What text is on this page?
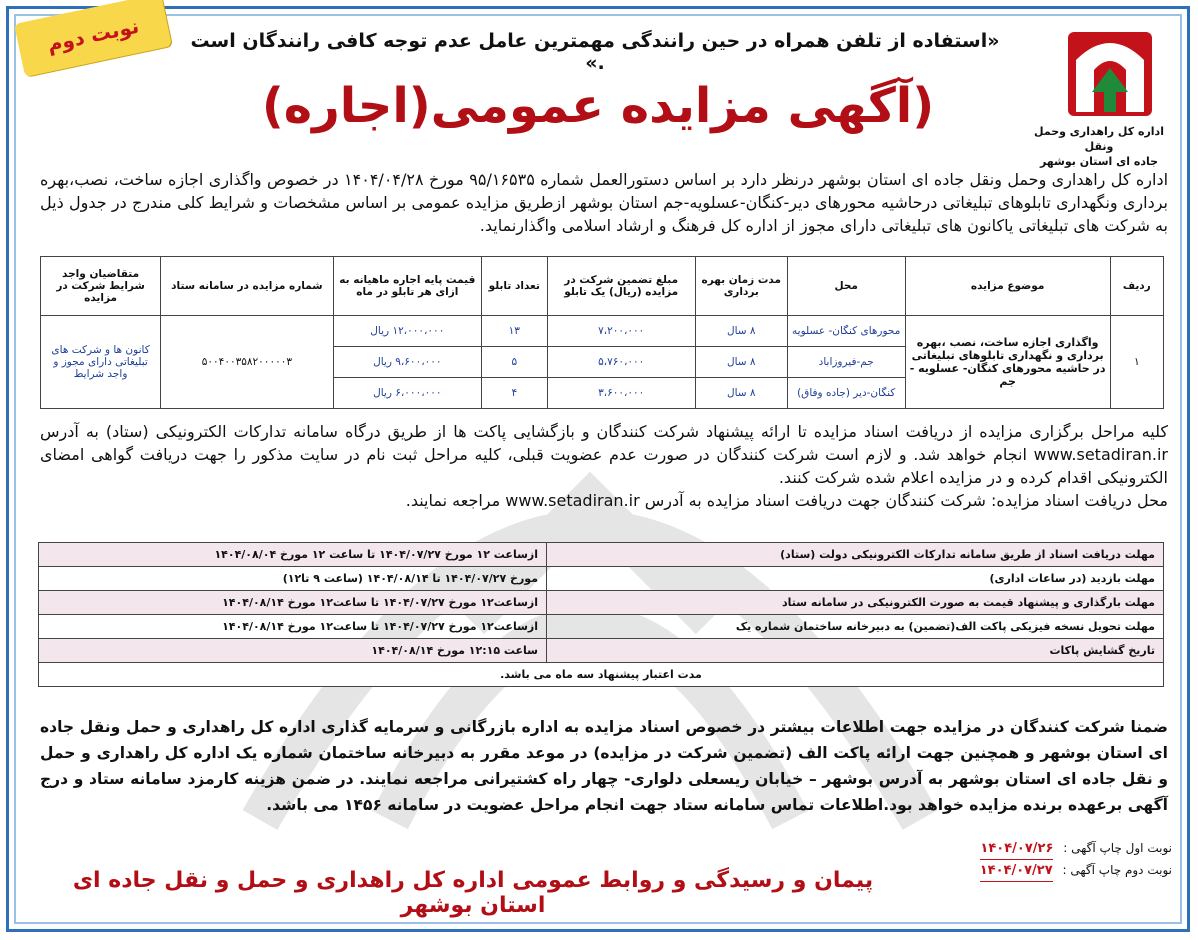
نوبت دوم
اداره کل راهداری وحمل ونقل
جاده ای استان بوشهر
«استفاده از تلفن همراه در حین رانندگی مهمترین عامل عدم توجه کافی رانندگان است .»
(آگهی مزایده عمومی(اجاره)
اداره کل راهداری وحمل ونقل جاده ای استان بوشهر درنظر دارد بر اساس دستورالعمل شماره ۹۵/۱۶۵۳۵ مورخ ۱۴۰۴/۰۴/۲۸ در خصوص واگذاری اجازه ساخت، نصب،بهره برداری ونگهداری تابلوهای تبلیغاتی درحاشیه محورهای دیر-کنگان-عسلویه-جم استان بوشهر ازطریق مزایده عمومی بر اساس مشخصات و شرایط کلی مندرج در جدول ذیل به شرکت های تبلیغاتی یاکانون های تبلیغاتی دارای مجوز از اداره کل فرهنگ و ارشاد اسلامی واگذارنماید.
ردیف	موضوع مزایده	محل	مدت زمان بهره برداری	مبلغ تضمین شرکت در مزایده (ریال) یک تابلو	تعداد تابلو	قیمت پایه اجاره ماهیانه به ازای هر تابلو در ماه	شماره مزایده در سامانه ستاد	متقاضیان واجد شرایط شرکت در مزایده
۱	واگذاری اجازه ساخت، نصب ،بهره برداری و نگهداری تابلوهای تبلیغاتی در حاشیه محورهای کنگان- عسلویه - جم	محورهای کنگان- عسلویه	۸ سال	۷،۲۰۰،۰۰۰	۱۳	۱۲،۰۰۰،۰۰۰ ریال	۵۰۰۴۰۰۳۵۸۲۰۰۰۰۰۳	کانون ها و شرکت های تبلیغاتی دارای مجوز و واجد شرایط
		جم-فیروزاباد	۸ سال	۵،۷۶۰،۰۰۰	۵	۹،۶۰۰،۰۰۰ ریال		
		کنگان-دیر (جاده وفاق)	۸ سال	۳،۶۰۰،۰۰۰	۴	۶،۰۰۰،۰۰۰ ریال		
کلیه مراحل برگزاری مزایده از دریافت اسناد مزایده تا ارائه پیشنهاد شرکت کنندگان و بازگشایی پاکت ها از طریق درگاه سامانه تدارکات الکترونیکی (ستاد) به آدرس www.setadiran.ir انجام خواهد شد. و لازم است شرکت کنندگان در صورت عدم عضویت قبلی، کلیه مراحل ثبت نام در سایت مذکور را جهت دریافت گواهی امضای الکترونیکی اقدام کرده و در مزایده اعلام شده شرکت کنند.
محل دریافت اسناد مزایده: شرکت کنندگان جهت دریافت اسناد مزایده به آدرس www.setadiran.ir مراجعه نمایند.
مهلت دریافت اسناد از طریق سامانه تدارکات الکترونیکی دولت (ستاد)	ازساعت ۱۲ مورخ ۱۴۰۴/۰۷/۲۷ تا ساعت ۱۲ مورخ ۱۴۰۴/۰۸/۰۴
مهلت بازدید (در ساعات اداری)	مورخ ۱۴۰۴/۰۷/۲۷ تا ۱۴۰۴/۰۸/۱۴ (ساعت ۹ تا۱۲)
مهلت بارگذاری و پیشنهاد قیمت به صورت الکترونیکی در سامانه ستاد	ازساعت۱۲ مورخ ۱۴۰۴/۰۷/۲۷ تا ساعت۱۲ مورخ ۱۴۰۴/۰۸/۱۴
مهلت تحویل نسخه فیزیکی پاکت الف(تضمین) به دبیرخانه ساختمان شماره یک	ازساعت۱۲ مورخ ۱۴۰۴/۰۷/۲۷ تا ساعت۱۲ مورخ ۱۴۰۴/۰۸/۱۴
تاریخ گشایش پاکات	ساعت ۱۲:۱۵ مورخ ۱۴۰۴/۰۸/۱۴
مدت اعتبار پیشنهاد سه ماه می باشد.	
ضمنا شرکت کنندگان در مزایده جهت اطلاعات بیشتر در خصوص اسناد مزایده به اداره بازرگانی و سرمایه گذاری اداره کل راهداری و حمل ونقل جاده ای استان بوشهر و همچنین جهت ارائه پاکت الف (تضمین شرکت در مزایده) در موعد مقرر به دبیرخانه ساختمان شماره یک اداره کل راهداری و حمل و نقل جاده ای استان بوشهر به آدرس بوشهر – خیابان ریسعلی دلواری- چهار راه کشتیرانی مراجعه نمایند. در ضمن هزینه کارمزد سامانه ستاد و درج آگهی برعهده برنده مزایده خواهد بود.اطلاعات تماس سامانه ستاد جهت انجام مراحل عضویت در سامانه ۱۴۵۶ می باشد.
نوبت اول چاپ آگهی : ۱۴۰۴/۰۷/۲۶
نوبت دوم چاپ آگهی : ۱۴۰۴/۰۷/۲۷
پیمان و رسیدگی و روابط عمومی اداره کل راهداری و حمل و نقل جاده ای استان بوشهر
